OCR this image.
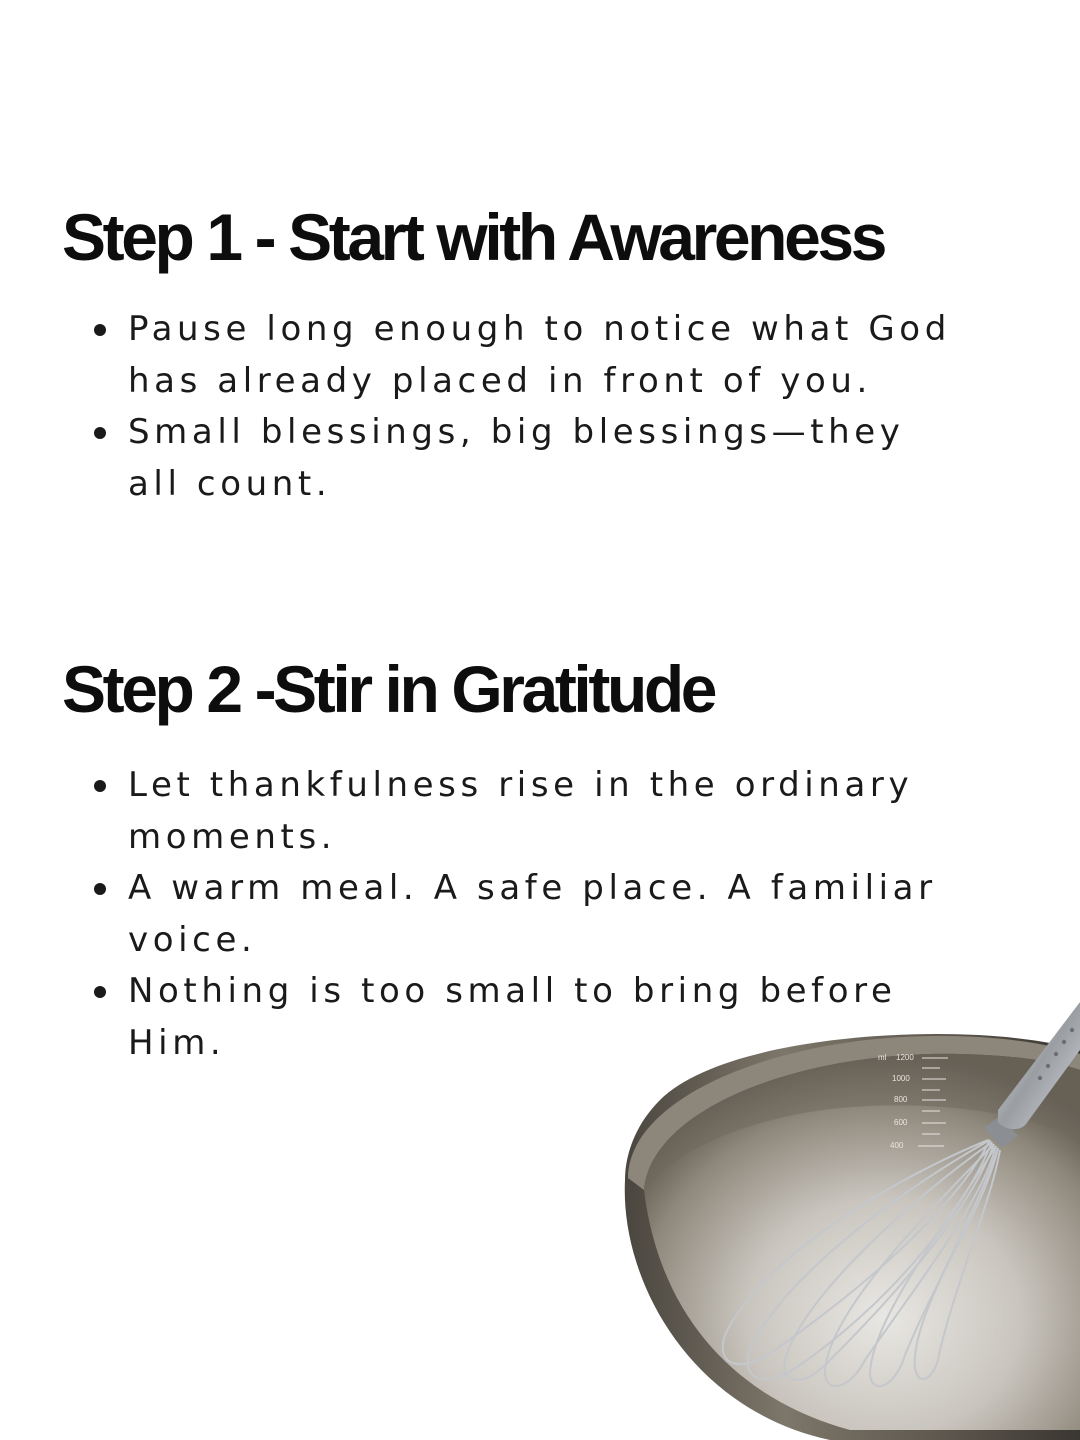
Step 1 - Start with Awareness
Pause long enough to notice what God has already placed in front of you.
Small blessings, big blessings—they all count.
Step 2 -Stir in Gratitude
Let thankfulness rise in the ordinary moments.
A warm meal. A safe place. A familiar voice.
Nothing is too small to bring before Him.	ml 1200
1000
800
600
400
